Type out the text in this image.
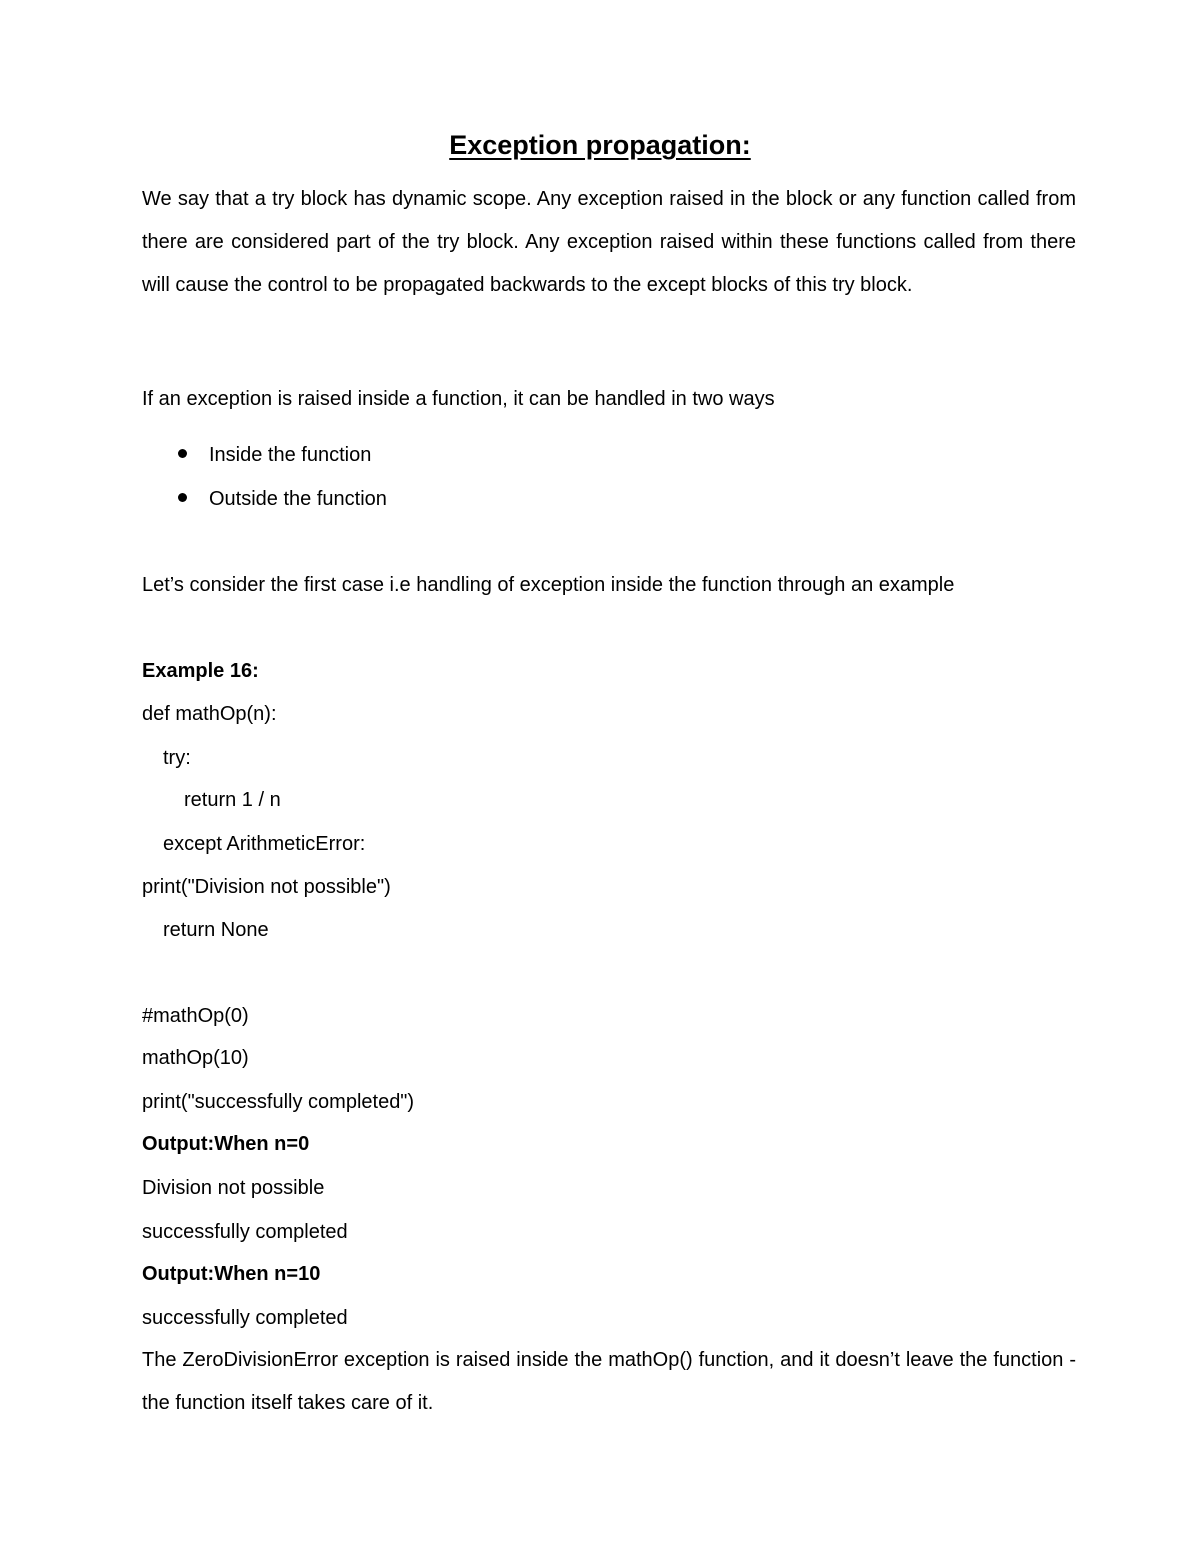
Exception propagation:
We say that a try block has dynamic scope. Any exception raised in the block or any function called from there are considered part of the try block. Any exception raised within these functions called from there will cause the control to be propagated backwards to the except blocks of this try block.
If an exception is raised inside a function, it can be handled in two ways
Inside the function
Outside the function
Let’s consider the first case i.e handling of exception inside the function through an example
Example 16:
def mathOp(n):
try:
return 1 / n
except ArithmeticError:
print("Division not possible")
return None
#mathOp(0)
mathOp(10)
print("successfully completed")
Output:When n=0
Division not possible
successfully completed
Output:When n=10
successfully completed
The ZeroDivisionError exception is raised inside the mathOp() function, and it doesn’t leave the function - the function itself takes care of it.
